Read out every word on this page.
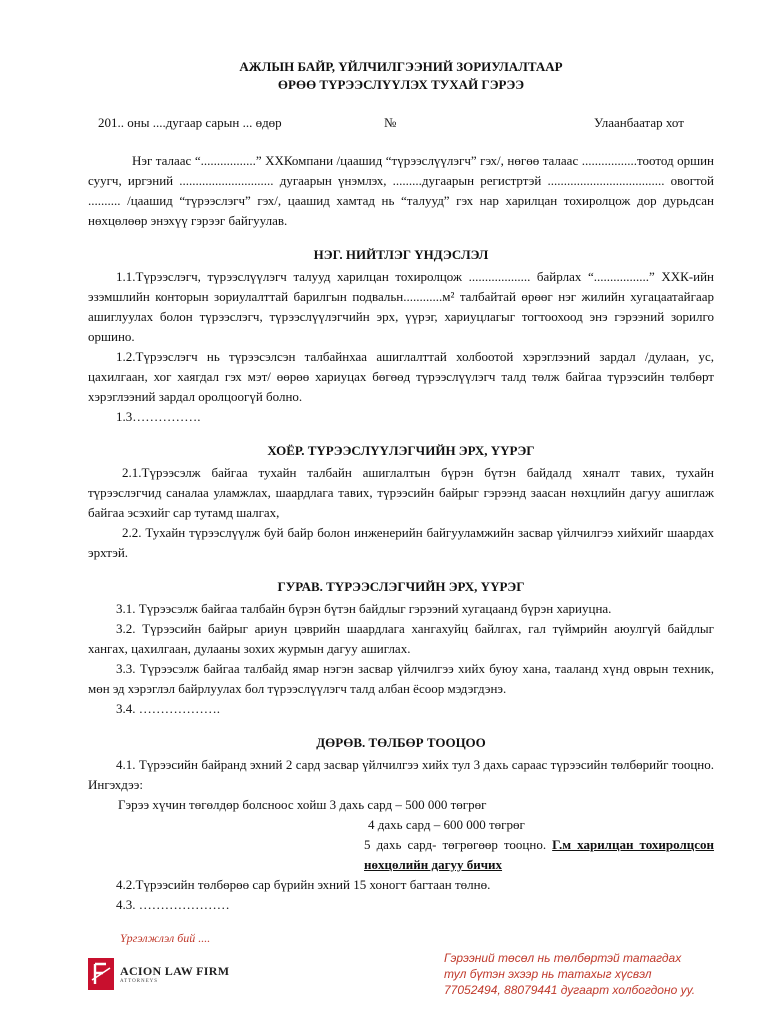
АЖЛЫН БАЙР, ҮЙЛЧИЛГЭЭНИЙ ЗОРИУЛАЛТААР
ӨРӨӨ ТҮРЭЭСЛҮҮЛЭХ ТУХАЙ ГЭРЭЭ
201.. оны ....дугаар сарын ... өдөр	№	Улаанбаатар хот

Нэг талаас “.................” ХХКомпани /цаашид “түрээслүүлэгч” гэх/, нөгөө талаас .................тоотод оршин суугч, иргэний ............................. дугаарын үнэмлэх, .........дугаарын регистртэй .................................... овогтой .......... /цаашид “түрээслэгч” гэх/, цаашид хамтад нь “талууд” гэх нар харилцан тохиролцож дор дурьдсан нөхцөлөөр энэхүү гэрээг байгуулав.

НЭГ. НИЙТЛЭГ ҮНДЭСЛЭЛ

1.1.Түрээслэгч, түрээслүүлэгч талууд харилцан тохиролцож ................... байрлах “.................” ХХК-ийн эзэмшлийн конторын зориулалттай барилгын подвальн............м² талбайтай өрөөг нэг жилийн хугацаатайгаар ашиглуулах болон түрээслэгч, түрээслүүлэгчийн эрх, үүрэг, хариуцлагыг тогтоохоод энэ гэрээний зорилго оршино.

1.2.Түрээслэгч нь түрээсэлсэн талбайнхаа ашиглалттай холбоотой хэрэглээний зардал /дулаан, ус, цахилгаан, хог хаягдал гэх мэт/ өөрөө хариуцах бөгөөд түрээслүүлэгч талд төлж байгаа түрээсийн төлбөрт хэрэглээний зардал оролцоогүй болно.

1.3…………….

ХОЁР. ТҮРЭЭСЛҮҮЛЭГЧИЙН ЭРХ, ҮҮРЭГ

2.1.Түрээсэлж байгаа тухайн талбайн ашиглалтын бүрэн бүтэн байдалд хяналт тавих, тухайн түрээслэгчид саналаа уламжлах, шаардлага тавих, түрээсийн байрыг гэрээнд заасан нөхцлийн дагуу ашиглаж байгаа эсэхийг сар тутамд шалгах,

2.2. Тухайн түрээслүүлж буй байр болон инженерийн байгууламжийн засвар үйлчилгээ хийхийг шаардах эрхтэй.

ГУРАВ. ТҮРЭЭСЛЭГЧИЙН ЭРХ, ҮҮРЭГ

3.1. Түрээсэлж байгаа талбайн бүрэн бүтэн байдлыг гэрээний хугацаанд бүрэн хариуцна.

3.2. Түрээсийн байрыг ариун цэврийн шаардлага хангахуйц байлгах, гал түймрийн аюулгүй байдлыг хангах, цахилгаан, дулааны зохих журмын дагуу ашиглах.

3.3. Түрээсэлж байгаа талбайд ямар нэгэн засвар үйлчилгээ хийх буюу хана, тааланд хүнд оврын техник, мөн эд хэрэглэл байрлуулах бол түрээслүүлэгч талд албан ёсоор мэдэгдэнэ.

3.4. ……………….

ДӨРӨВ. ТӨЛБӨР ТООЦОО

4.1. Түрээсийн байранд эхний 2 сард засвар үйлчилгээ хийх тул 3 дахь сараас түрээсийн төлбөрийг тооцно. Ингэхдээ:

Гэрээ хүчин төгөлдөр болсноос хойш 3 дахь сард – 500 000 төгрөг

4 дахь сард – 600 000 төгрөг

5 дахь сард- төгрөгөөр тооцно. Г.м харилцан тохиролцсон нөхцөлийн дагуу бичих

4.2.Түрээсийн төлбөрөө сар бүрийн эхний 15 хоногт багтаан төлнө.

4.3. …………………

Үргэлжлэл бий ....
ACION LAW FIRM
ATTORNEYS
Гэрээний төсөл нь төлбөртэй татагдах
тул бүтэн эхээр нь татахыг хүсвэл
77052494, 88079441 дугаарт холбогдоно уу.
